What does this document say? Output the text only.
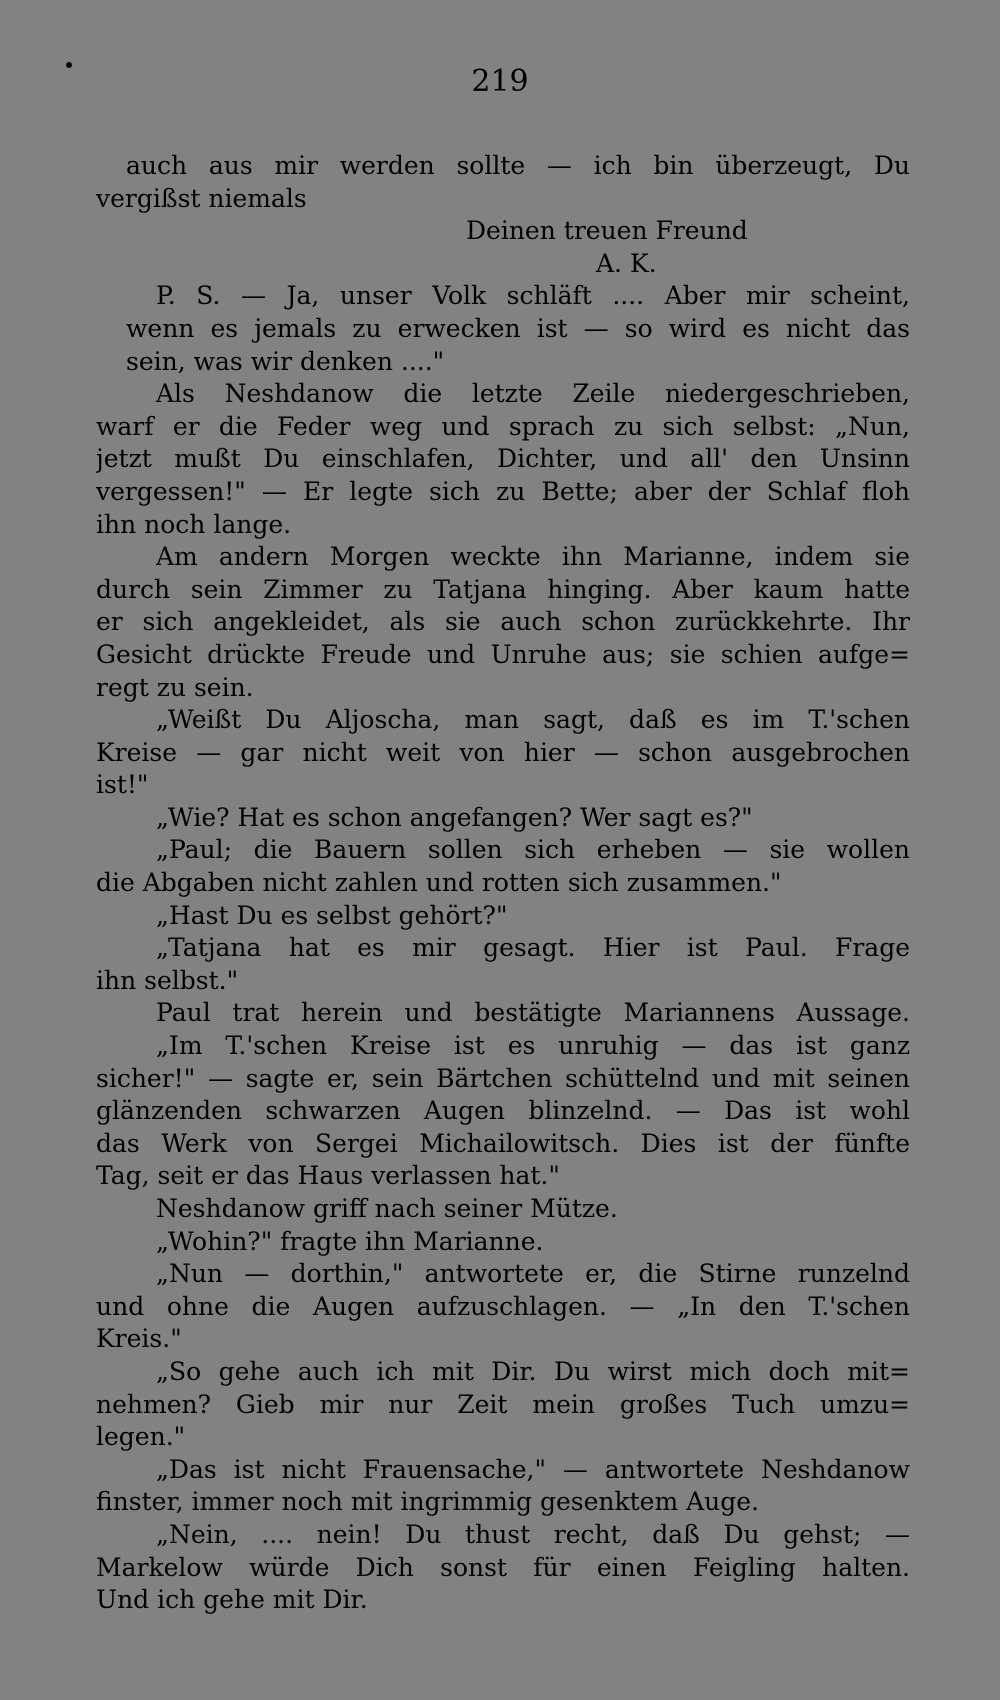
219
auch aus mir werden sollte — ich bin überzeugt, Du
vergißst niemals
Deinen treuen Freund
A. K.
P. S. — Ja, unser Volk schläft .... Aber mir scheint,
wenn es jemals zu erwecken ist — so wird es nicht das
sein, was wir denken ...."
Als Neshdanow die letzte Zeile niedergeschrieben,
warf er die Feder weg und sprach zu sich selbst: „Nun,
jetzt mußt Du einschlafen, Dichter, und all' den Unsinn
vergessen!" — Er legte sich zu Bette; aber der Schlaf floh
ihn noch lange.
Am andern Morgen weckte ihn Marianne, indem sie
durch sein Zimmer zu Tatjana hinging. Aber kaum hatte
er sich angekleidet, als sie auch schon zurückkehrte. Ihr
Gesicht drückte Freude und Unruhe aus; sie schien aufge=
regt zu sein.
„Weißt Du Aljoscha, man sagt, daß es im T.'schen
Kreise — gar nicht weit von hier — schon ausgebrochen
ist!"
„Wie? Hat es schon angefangen? Wer sagt es?"
„Paul; die Bauern sollen sich erheben — sie wollen
die Abgaben nicht zahlen und rotten sich zusammen."
„Hast Du es selbst gehört?"
„Tatjana hat es mir gesagt. Hier ist Paul. Frage
ihn selbst."
Paul trat herein und bestätigte Mariannens Aussage.
„Im T.'schen Kreise ist es unruhig — das ist ganz
sicher!" — sagte er, sein Bärtchen schüttelnd und mit seinen
glänzenden schwarzen Augen blinzelnd. — Das ist wohl
das Werk von Sergei Michailowitsch. Dies ist der fünfte
Tag, seit er das Haus verlassen hat."
Neshdanow griff nach seiner Mütze.
„Wohin?" fragte ihn Marianne.
„Nun — dorthin," antwortete er, die Stirne runzelnd
und ohne die Augen aufzuschlagen. — „In den T.'schen
Kreis."
„So gehe auch ich mit Dir. Du wirst mich doch mit=
nehmen? Gieb mir nur Zeit mein großes Tuch umzu=
legen."
„Das ist nicht Frauensache," — antwortete Neshdanow
finster, immer noch mit ingrimmig gesenktem Auge.
„Nein, .... nein! Du thust recht, daß Du gehst; —
Markelow würde Dich sonst für einen Feigling halten.
Und ich gehe mit Dir.
